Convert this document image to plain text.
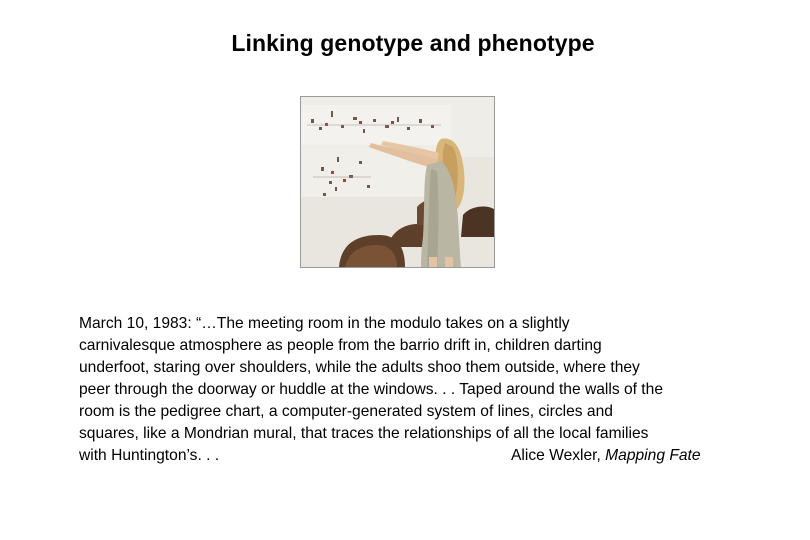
Linking genotype and phenotype
March 10, 1983: “…The meeting room in the modulo takes on a slightly
carnivalesque atmosphere as people from the barrio drift in, children darting
underfoot, staring over shoulders, while the adults shoo them outside, where they
peer through the doorway or huddle at the windows. . . Taped around the walls of the
room is the pedigree chart, a computer-generated system of lines, circles and
squares, like a Mondrian mural, that traces the relationships of all the local families
with Huntington’s. . .	Alice Wexler, Mapping Fate
